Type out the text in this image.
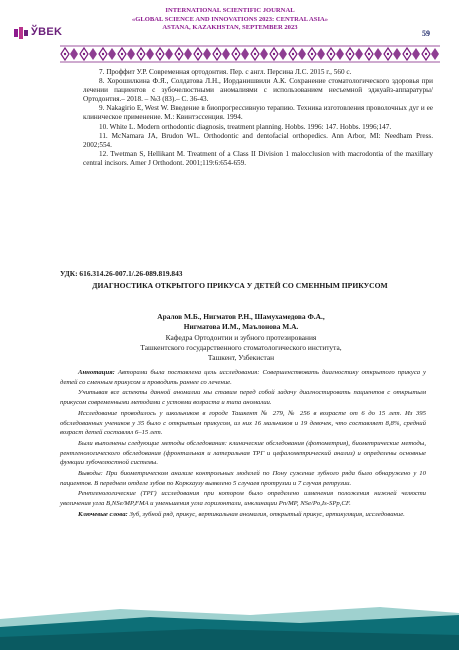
ЎBEK
INTERNATIONAL SCIENTIFIC JOURNAL
«GLOBAL SCIENCE AND INNOVATIONS 2023: CENTRAL ASIA»
ASTANA, KAZAKHSTAN, SEPTEMBER 2023
59

7. Проффит У.Р. Современная ортодонтия. Пер. с англ. Персина Л.С. 2015 г., 560 с.

8. Хорошилкина Ф.Я., Солдатова Л.Н., Иорданишвили А.К. Сохранение стоматологического здоровья при лечении пациентов с зубочелюстными аномалиями с использованием несъемной эджуайз-аппаратуры/Ортодонтия.– 2018. – №3 (83).– С. 36-43.

9. Nakagirio E, West W. Введение в биопрогрессивную терапию. Техника изготовления проволочных дуг и ее клиническое применение. М.: Квинтэссенция. 1994.

10. White L. Modern orthodontic diagnosis, treatment planning. Hobbs. 1996: 147. Hobbs. 1996;147.

11. McNamara JA, Brudon WL. Orthodontic and dentofacial orthopedics. Ann Arbor, MI: Needham Press. 2002;554.

12. Twetman S, Hellikant M. Treatment of a Class II Division 1 malocclusion with macrodontia of the maxillary central incisors. Amer J Orthodont. 2001;119:6:654-659.

УДК: 616.314.26-007.1/.26-089.819.843
ДИАГНОСТИКА ОТКРЫТОГО ПРИКУСА У ДЕТЕЙ СО СМЕННЫМ ПРИКУСОМ
Аралов М.Б., Нигматов Р.Н., Шамухамедова Ф.А.,
Нигматова И.М., Маълонова М.А.
Кафедра Ортодонтии и зубного протезирования
Ташкентского государственного стоматологического института,
Ташкент, Узбекистан

Аннотация: Авторами была поставлена цель исследования: Совершенствовать диагностику открытого прикуса у детей со сменным прикусом и проводить раннее со лечение.

Учитывая все аспекты данной аномалии мы ставим перед собой задачу диагностировать пациентов с открытым прикусом современными методами с устоями возраста и типа аномалии.

Исследование проводилось у школьников в городе Ташкент № 279, № 256 в возрасте от 6 до 15 лет. Из 395 обследованных учеников у 35 было с открытым прикусом, из них 16 мальчиков и 19 девочек, что составляет 8,8%, средний возраст детей составлял 6–15 лет.

Были выполнены следующие методы обследования: клинические обследования (фотометрия), биометрические методы, рентгенологического обследования (фронтальная и латеральная ТРГ и цефалометрический анализ) и определены основные функции зубочелюстной системы.

Выводы: При биометрическом анализе контрольных моделей по Пону сужение зубного ряда было обнаружено у 10 пациентов. В переднем отделе зубов по Коркхаузу выявлено 5 случаев протрузии и 7 случая ретрузии.

Рентгенологические (ТРГ) исследования при котором было определено изменения положения нижней челюсти увеличения угла B,NSe/MP,FMA и уменьшения угла горизонтали, инклинации Pn/MP, NSe/Po,Is-SPp,CF.

Ключевые слова: Зуб, зубной ряд, прикус, вертикальная аномалия, открытый прикус, артикуляция, исследование.
